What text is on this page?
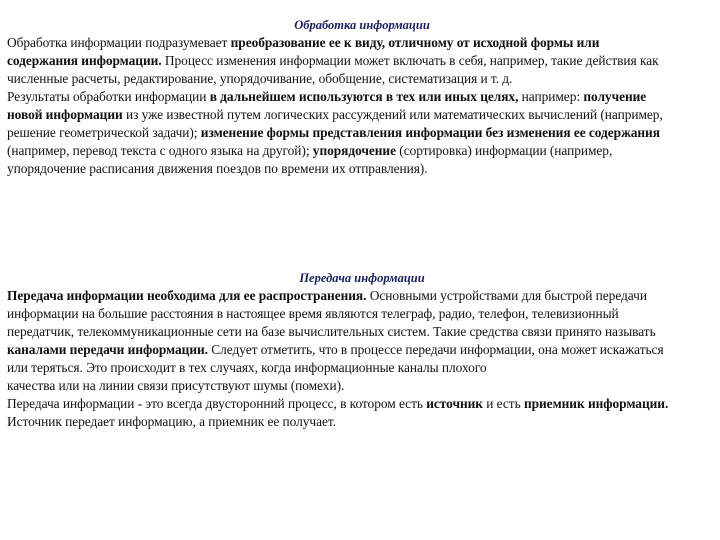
Обработка информации
Обработка информации подразумевает преобразование ее к виду, отличному от исходной формы или
содержания информации. Процесс изменения информации может включать в себя, например, такие действия как
численные расчеты, редактирование, упорядочивание, обобщение, систематизация и т. д.
Результаты обработки информации в дальнейшем используются в тех или иных целях, например: получение
новой информации из уже известной путем логических рассуждений или математических вычислений (например,
решение геометрической задачи); изменение формы представления информации без изменения ее содержания
(например, перевод текста с одного языка на другой); упорядочение (сортировка) информации (например,
упорядочение расписания движения поездов по времени их отправления).
Передача информации
Передача информации необходима для ее распространения. Основными устройствами для быстрой передачи
информации на большие расстояния в настоящее время являются телеграф, радио, телефон, телевизионный
передатчик, телекоммуникационные сети на базе вычислительных систем. Такие средства связи принято называть
каналами передачи информации. Следует отметить, что в процессе передачи информации, она может искажаться
или теряться. Это происходит в тех случаях, когда информационные каналы плохого
качества или на линии связи присутствуют шумы (помехи).
Передача информации - это всегда двусторонний процесс, в котором есть источник и есть приемник информации.
Источник передает информацию, а приемник ее получает.
